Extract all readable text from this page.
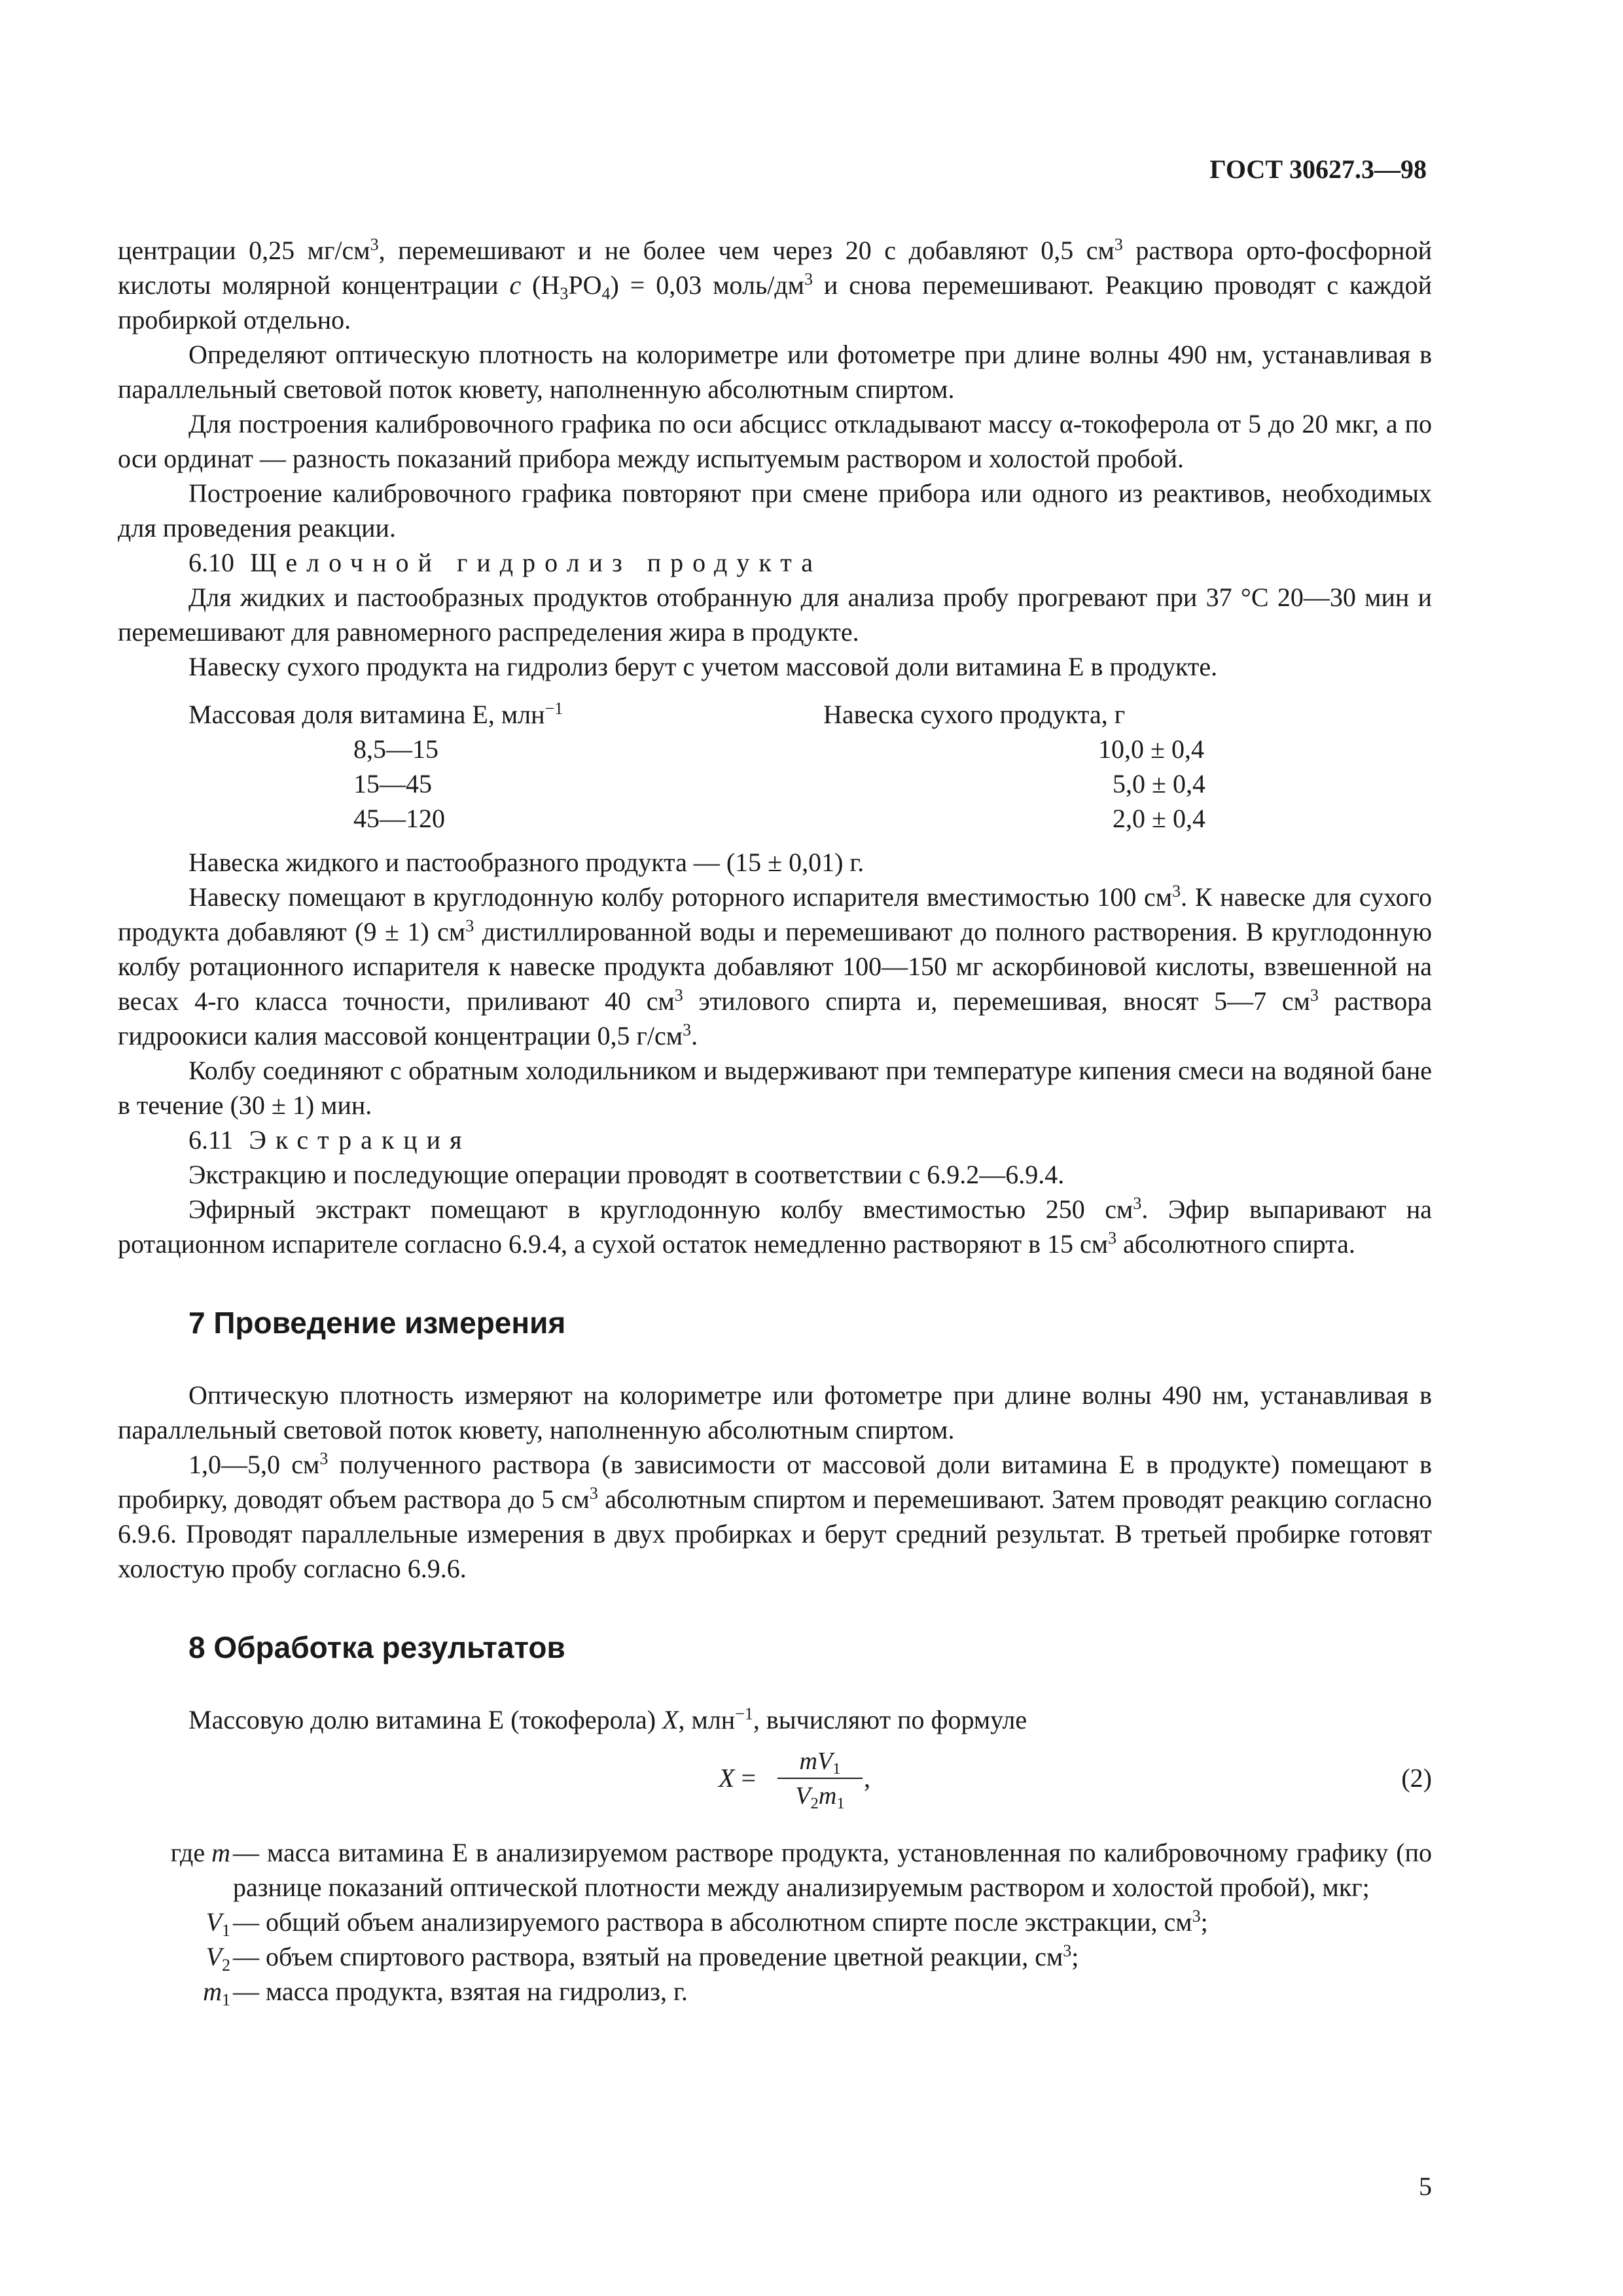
ГОСТ 30627.3—98

центрации 0,25 $мг/см^3$, перемешивают и не более чем через 20 с добавляют 0,5 $см^3$ раствора орто-фосфорной кислоты молярной концентрации c $(H_3PO_4) = 0,03$ моль/$дм^3$ и снова перемешивают. Реакцию проводят с каждой пробиркой отдельно.

Определяют оптическую плотность на колориметре или фотометре при длине волны 490 нм, устанавливая в параллельный световой поток кювету, наполненную абсолютным спиртом.

Для построения калибровочного графика по оси абсцисс откладывают массу α-токоферола от 5 до 20 мкг, а по оси ординат — разность показаний прибора между испытуемым раствором и холостой пробой.

Построение калибровочного графика повторяют при смене прибора или одного из реактивов, необходимых для проведения реакции.

6.10 Щелочной гидролиз продукта

Для жидких и пастообразных продуктов отобранную для анализа пробу прогревают при 37 °С 20—30 мин и перемешивают для равномерного распределения жира в продукте.

Навеску сухого продукта на гидролиз берут с учетом массовой доли витамина Е в продукте.

Массовая доля витамина Е, млн$^{-1}$	Навеска сухого продукта, г
8,5—15	10,0 ± 0,4
15—45	5,0 ± 0,4
45—120	2,0 ± 0,4

Навеска жидкого и пастообразного продукта — (15 ± 0,01) г.

Навеску помещают в круглодонную колбу роторного испарителя вместимостью 100 $см^3$. К навеске для сухого продукта добавляют (9 ± 1) $см^3$ дистиллированной воды и перемешивают до полного растворения. В круглодонную колбу ротационного испарителя к навеске продукта добавляют 100—150 мг аскорбиновой кислоты, взвешенной на весах 4-го класса точности, приливают 40 $см^3$ этилового спирта и, перемешивая, вносят 5—7 $см^3$ раствора гидроокиси калия массовой концентрации 0,5 $г/см^3$.

Колбу соединяют с обратным холодильником и выдерживают при температуре кипения смеси на водяной бане в течение (30 ± 1) мин.

6.11 Экстракция

Экстракцию и последующие операции проводят в соответствии с 6.9.2—6.9.4.

Эфирный экстракт помещают в круглодонную колбу вместимостью 250 $см^3$. Эфир выпаривают на ротационном испарителе согласно 6.9.4, а сухой остаток немедленно растворяют в 15 $см^3$ абсолютного спирта.

7 Проведение измерения

Оптическую плотность измеряют на колориметре или фотометре при длине волны 490 нм, устанавливая в параллельный световой поток кювету, наполненную абсолютным спиртом.

1,0—5,0 $см^3$ полученного раствора (в зависимости от массовой доли витамина Е в продукте) помещают в пробирку, доводят объем раствора до 5 $см^3$ абсолютным спиртом и перемешивают. Затем проводят реакцию согласно 6.9.6. Проводят параллельные измерения в двух пробирках и берут средний результат. В третьей пробирке готовят холостую пробу согласно 6.9.6.

8 Обработка результатов

Массовую долю витамина Е (токоферола) X, млн$^{-1}$, вычисляют по формуле

$X = \frac{mV_1}{V_2m_1}$ ,	(2)
где m — масса витамина Е в анализируемом растворе продукта, установленная по калибровочному графику (по разнице показаний оптической плотности между анализируемым раствором и холостой пробой), мкг;
$V_1$ — общий объем анализируемого раствора в абсолютном спирте после экстракции, $см^3$;
$V_2$ — объем спиртового раствора, взятый на проведение цветной реакции, $см^3$;
$m_1$ — масса продукта, взятая на гидролиз, г.
5
